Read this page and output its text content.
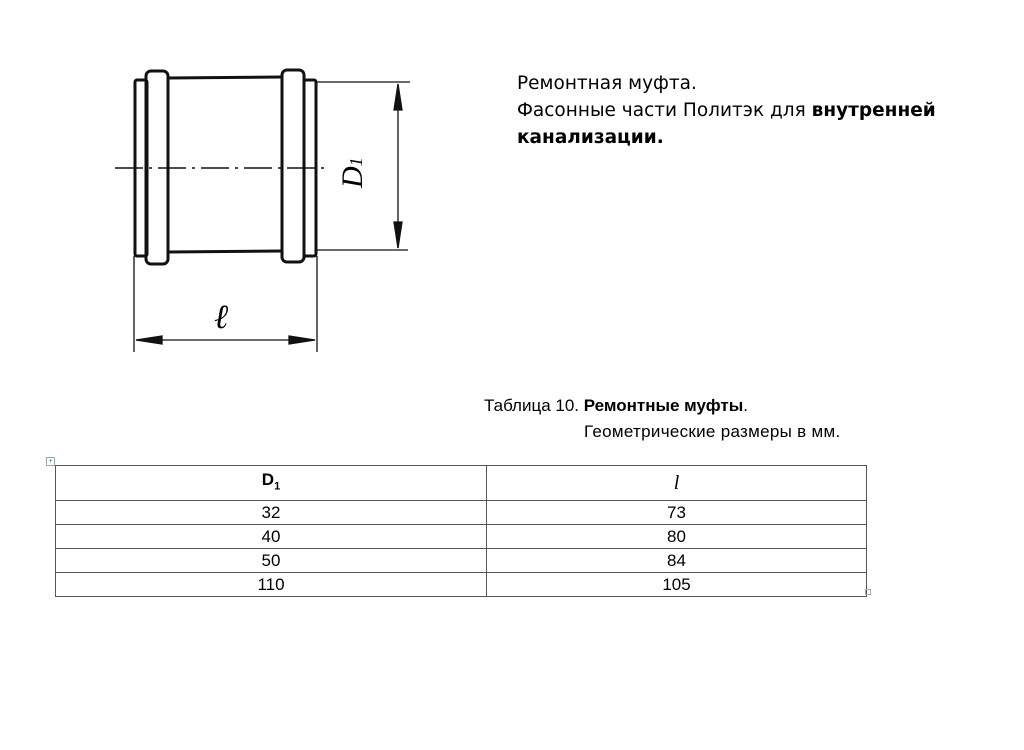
D1
ℓ
Ремонтная муфта.
Фасонные части Политэк для внутренней
канализации.
Таблица 10. Ремонтные муфты.
Геометрические размеры в мм.
+
$D_1$	l
32	73
40	80
50	84
110	105
